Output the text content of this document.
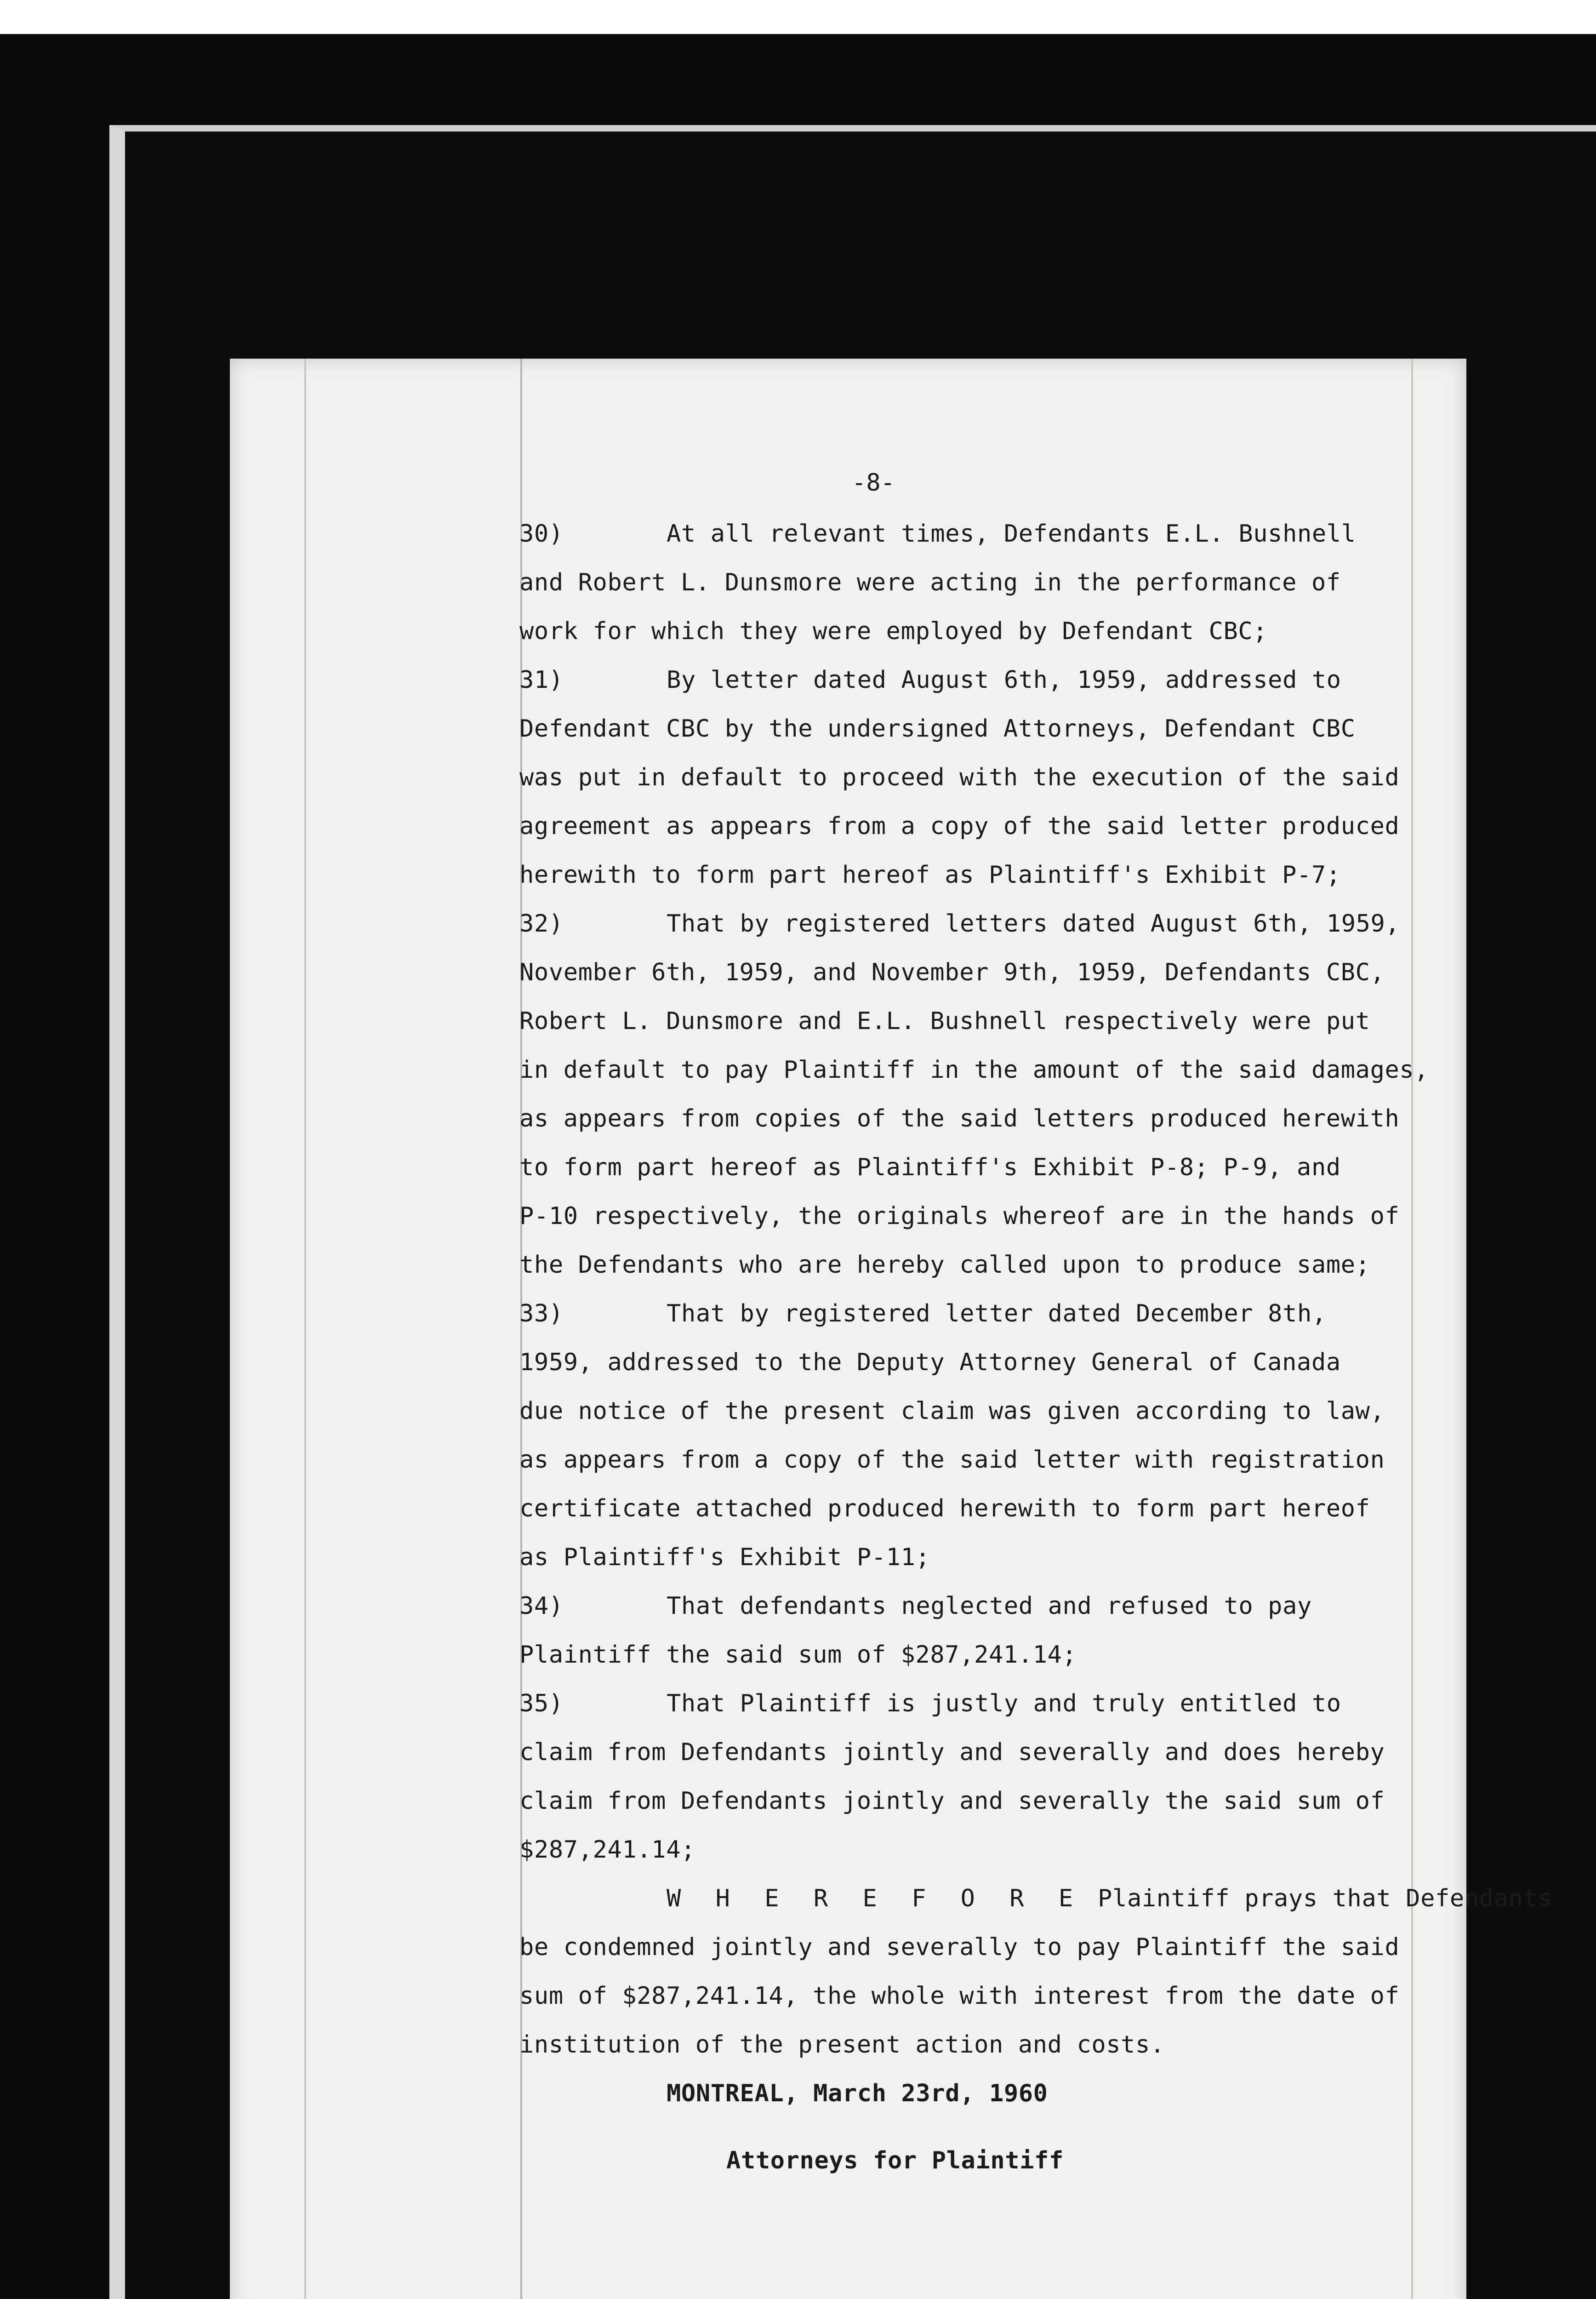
-8-
30)	At all relevant times, Defendants E.L. Bushnell
and Robert L. Dunsmore were acting in the performance of
work for which they were employed by Defendant CBC;
31)	By letter dated August 6th, 1959, addressed to
Defendant CBC by the undersigned Attorneys, Defendant CBC
was put in default to proceed with the execution of the said
agreement as appears from a copy of the said letter produced
herewith to form part hereof as Plaintiff's Exhibit P-7;
32)	That by registered letters dated August 6th, 1959,
November 6th, 1959, and November 9th, 1959, Defendants CBC,
Robert L. Dunsmore and E.L. Bushnell respectively were put
in default to pay Plaintiff in the amount of the said damages,
as appears from copies of the said letters produced herewith
to form part hereof as Plaintiff's Exhibit P-8; P-9, and
P-10 respectively, the originals whereof are in the hands of
the Defendants who are hereby called upon to produce same;
33)	That by registered letter dated December 8th,
1959, addressed to the Deputy Attorney General of Canada
due notice of the present claim was given according to law,
as appears from a copy of the said letter with registration
certificate attached produced herewith to form part hereof
as Plaintiff's Exhibit P-11;
34)	That defendants neglected and refused to pay
Plaintiff the said sum of $287,241.14;
35)	That Plaintiff is justly and truly entitled to
claim from Defendants jointly and severally and does hereby
claim from Defendants jointly and severally the said sum of
$287,241.14;
W H E R E F O R E Plaintiff prays that Defendants
be condemned jointly and severally to pay Plaintiff the said
sum of $287,241.14, the whole with interest from the date of
institution of the present action and costs.
MONTREAL, March 23rd, 1960
Attorneys for Plaintiff
